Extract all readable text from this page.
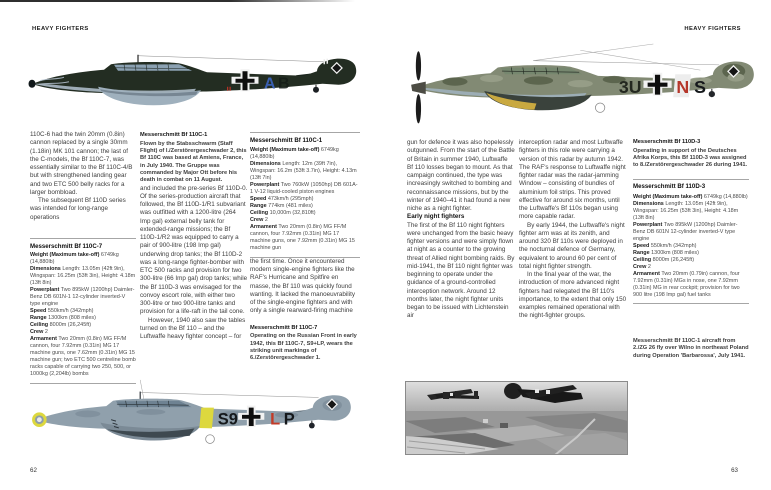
HEAVY FIGHTERS
A B

110C-6 had the twin 20mm (0.8in) cannon replaced by a single 30mm (1.18in) MK 101 cannon; the last of the C-models, the Bf 110C-7, was essentially similar to the Bf 110C-4/B but with strengthened landing gear and two ETC 500 belly racks for a larger bombload.

The subsequent Bf 110D series was intended for long-range operations

Messerschmitt Bf 110C-7
Weight (Maximum take-off) 6749kg (14,880lb)
Dimensions Length: 13.05m (42ft 9in), Wingspan: 16.25m (53ft 3in), Height: 4.18m (13ft 8in)
Powerplant Two 895kW (1200hp) Daimler-Benz DB 601N-1 12-cylinder inverted-V type engine
Speed 550km/h (342mph)
Range 1300km (808 miles)
Ceiling 8000m (26,245ft)
Crew 2
Armament Two 20mm (0.8in) MG FF/M cannon, four 7.92mm (0.31in) MG 17 machine guns, one 7.62mm (0.31in) MG 15 machine gun; two ETC 500 centreline bomb racks capable of carrying two 250, 500, or 1000kg (2,204lb) bombs
Messerschmitt Bf 110C-1
Flown by the Stabsschwarm (Staff Flight) of I./Zerstörergeschwader 2, this Bf 110C was based at Amiens, France, in July 1940. The Gruppe was commanded by Major Ott before his death in combat on 11 August.

and included the pre-series Bf 110D-0. Of the series-production aircraft that followed, the Bf 110D-1/R1 subvariant was outfitted with a 1200-litre (264 Imp gal) external belly tank for extended-range missions; the Bf 110D-1/R2 was equipped to carry a pair of 900-litre (198 Imp gal) underwing drop tanks; the Bf 110D-2 was a long-range fighter-bomber with ETC 500 racks and provision for two 300-litre (66 Imp gal) drop tanks; while the Bf 110D-3 was envisaged for the convoy escort role, with either two 300-litre or two 900-litre tanks and provision for a life-raft in the tail cone.

However, 1940 also saw the tables turned on the Bf 110 – and the Luftwaffe heavy fighter concept – for

Messerschmitt Bf 110C-1
Weight (Maximum take-off) 6749kg (14,880lb)
Dimensions Length: 12m (39ft 7in), Wingspan: 16.2m (53ft 3.7in), Height: 4.13m (13ft 7in)
Powerplant Two 760kW (1050hp) DB 601A-1 V-12 liquid-cooled piston engines
Speed 473km/h (295mph)
Range 774km (481 miles)
Ceiling 10,000m (32,810ft)
Crew 2
Armament Two 20mm (0.8in) MG FF/M cannon, four 7.92mm (0.31in) MG 17 machine guns, one 7.92mm (0.31in) MG 15 machine gun

the first time. Once it encountered modern single-engine fighters like the RAF's Hurricane and Spitfire en masse, the Bf 110 was quickly found wanting. It lacked the manoeuvrability of the single-engine fighters and with only a single rearward-firing machine

Messerschmitt Bf 110C-7
Operating on the Russian Front in early 1942, this Bf 110C-7, S9+LP, wears the striking unit markings of 6./Zerstörergeschwader 1.
S9 L P
62
HEAVY FIGHTERS
3U N S

gun for defence it was also hopelessly outgunned. From the start of the Battle of Britain in summer 1940, Luftwaffe Bf 110 losses began to mount. As that campaign continued, the type was increasingly switched to bombing and reconnaissance missions, but by the winter of 1940–41 it had found a new niche as a night fighter.

Early night fighters

The first of the Bf 110 night fighters were unchanged from the basic heavy fighter versions and were simply flown at night as a counter to the growing threat of Allied night bombing raids. By mid-1941, the Bf 110 night fighter was beginning to operate under the guidance of a ground-controlled interception network. Around 12 months later, the night fighter units began to be issued with Lichtenstein air

interception radar and most Luftwaffe fighters in this role were carrying a version of this radar by autumn 1942. The RAF's response to Luftwaffe night fighter radar was the radar-jamming Window – consisting of bundles of aluminium foil strips. This proved effective for around six months, until the Luftwaffe's Bf 110s began using more capable radar.

By early 1944, the Luftwaffe's night fighter arm was at its zenith, and around 320 Bf 110s were deployed in the nocturnal defence of Germany, equivalent to around 60 per cent of total night fighter strength.

In the final year of the war, the introduction of more advanced night fighters had relegated the Bf 110's importance, to the extent that only 150 examples remained operational with the night-fighter groups.

Messerschmitt Bf 110D-3
Operating in support of the Deutsches Afrika Korps, this Bf 110D-3 was assigned to 8./Zerstörergeschwader 26 during 1941.
Messerschmitt Bf 110D-3
Weight (Maximum take-off) 6749kg (14,880lb)
Dimensions Length: 13.05m (42ft 9in), Wingspan: 16.25m (53ft 3in), Height: 4.18m (13ft 8in)
Powerplant Two 895kW (1200hp) Daimler-Benz DB 601N 12-cylinder inverted-V type engine
Speed 550km/h (342mph)
Range 1300km (808 miles)
Ceiling 8000m (26,245ft)
Crew 2
Armament Two 20mm (0.79in) cannon, four 7.92mm (0.31in) MGs in nose, one 7.92mm (0.31in) MG in rear cockpit; provision for two 900 litre (198 Imp gal) fuel tanks
Messerschmitt Bf 110C-1 aircraft from 2./ZG 26 fly over Wilno in northeast Poland during Operation 'Barbarossa', July 1941.
63
